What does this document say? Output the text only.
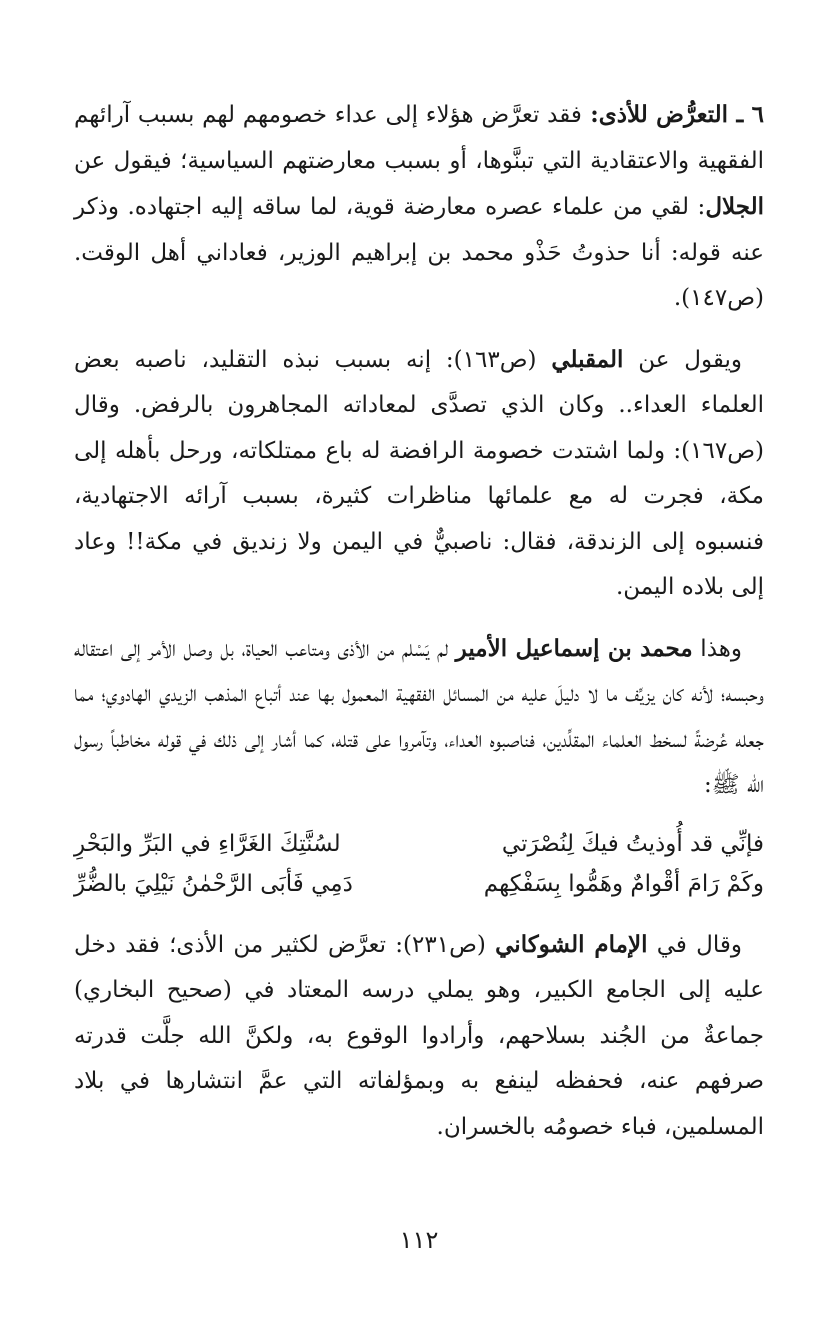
٦ ـ التعرُّض للأذى: فقد تعرَّض هؤلاء إلى عداء خصومهم لهم بسبب آرائهم الفقهية والاعتقادية التي تبنَّوها، أو بسبب معارضتهم السياسية؛ فيقول عن الجلال: لقي من علماء عصره معارضة قوية، لما ساقه إليه اجتهاده. وذكر عنه قوله: أنا حذوتُ حَذْو محمد بن إبراهيم الوزير، فعاداني أهل الوقت. (ص١٤٧).

ويقول عن المقبلي (ص١٦٣): إنه بسبب نبذه التقليد، ناصبه بعض العلماء العداء.. وكان الذي تصدَّى لمعاداته المجاهرون بالرفض. وقال (ص١٦٧): ولما اشتدت خصومة الرافضة له باع ممتلكاته، ورحل بأهله إلى مكة، فجرت له مع علمائها مناظرات كثيرة، بسبب آرائه الاجتهادية، فنسبوه إلى الزندقة، فقال: ناصبيٌّ في اليمن ولا زنديق في مكة!! وعاد إلى بلاده اليمن.

وهذا محمد بن إسماعيل الأمير لم يَسْلم من الأذى ومتاعب الحياة، بل وصل الأمر إلى اعتقاله وحبسه؛ لأنه كان يزيِّف ما لا دليلَ عليه من المسائل الفقهية المعمول بها عند أتباع المذهب الزيدي الهادوي؛ مما جعله عُرضةً لسخط العلماء المقلِّدين، فناصبوه العداء، وتآمروا على قتله، كما أشار إلى ذلك في قوله مخاطباً رسول الله ﷺ:

فإنِّي قد أُوذيتُ فيكَ لِنُصْرَتي
لسُنَّتِكَ الغَرَّاءِ في البَرِّ والبَحْرِ
وكَمْ رَامَ أقْوامٌ وهَمُّوا بِسَفْكِهم
دَمِي فَأبَى الرَّحْمٰنُ نَيْلِيَ بالضُّرِّ

وقال في الإمام الشوكاني (ص٢٣١): تعرَّض لكثير من الأذى؛ فقد دخل عليه إلى الجامع الكبير، وهو يملي درسه المعتاد في (صحيح البخاري) جماعةٌ من الجُند بسلاحهم، وأرادوا الوقوع به، ولكنَّ الله جلَّت قدرته صرفهم عنه، فحفظه لينفع به وبمؤلفاته التي عمَّ انتشارها في بلاد المسلمين، فباء خصومُه بالخسران.

١١٢
